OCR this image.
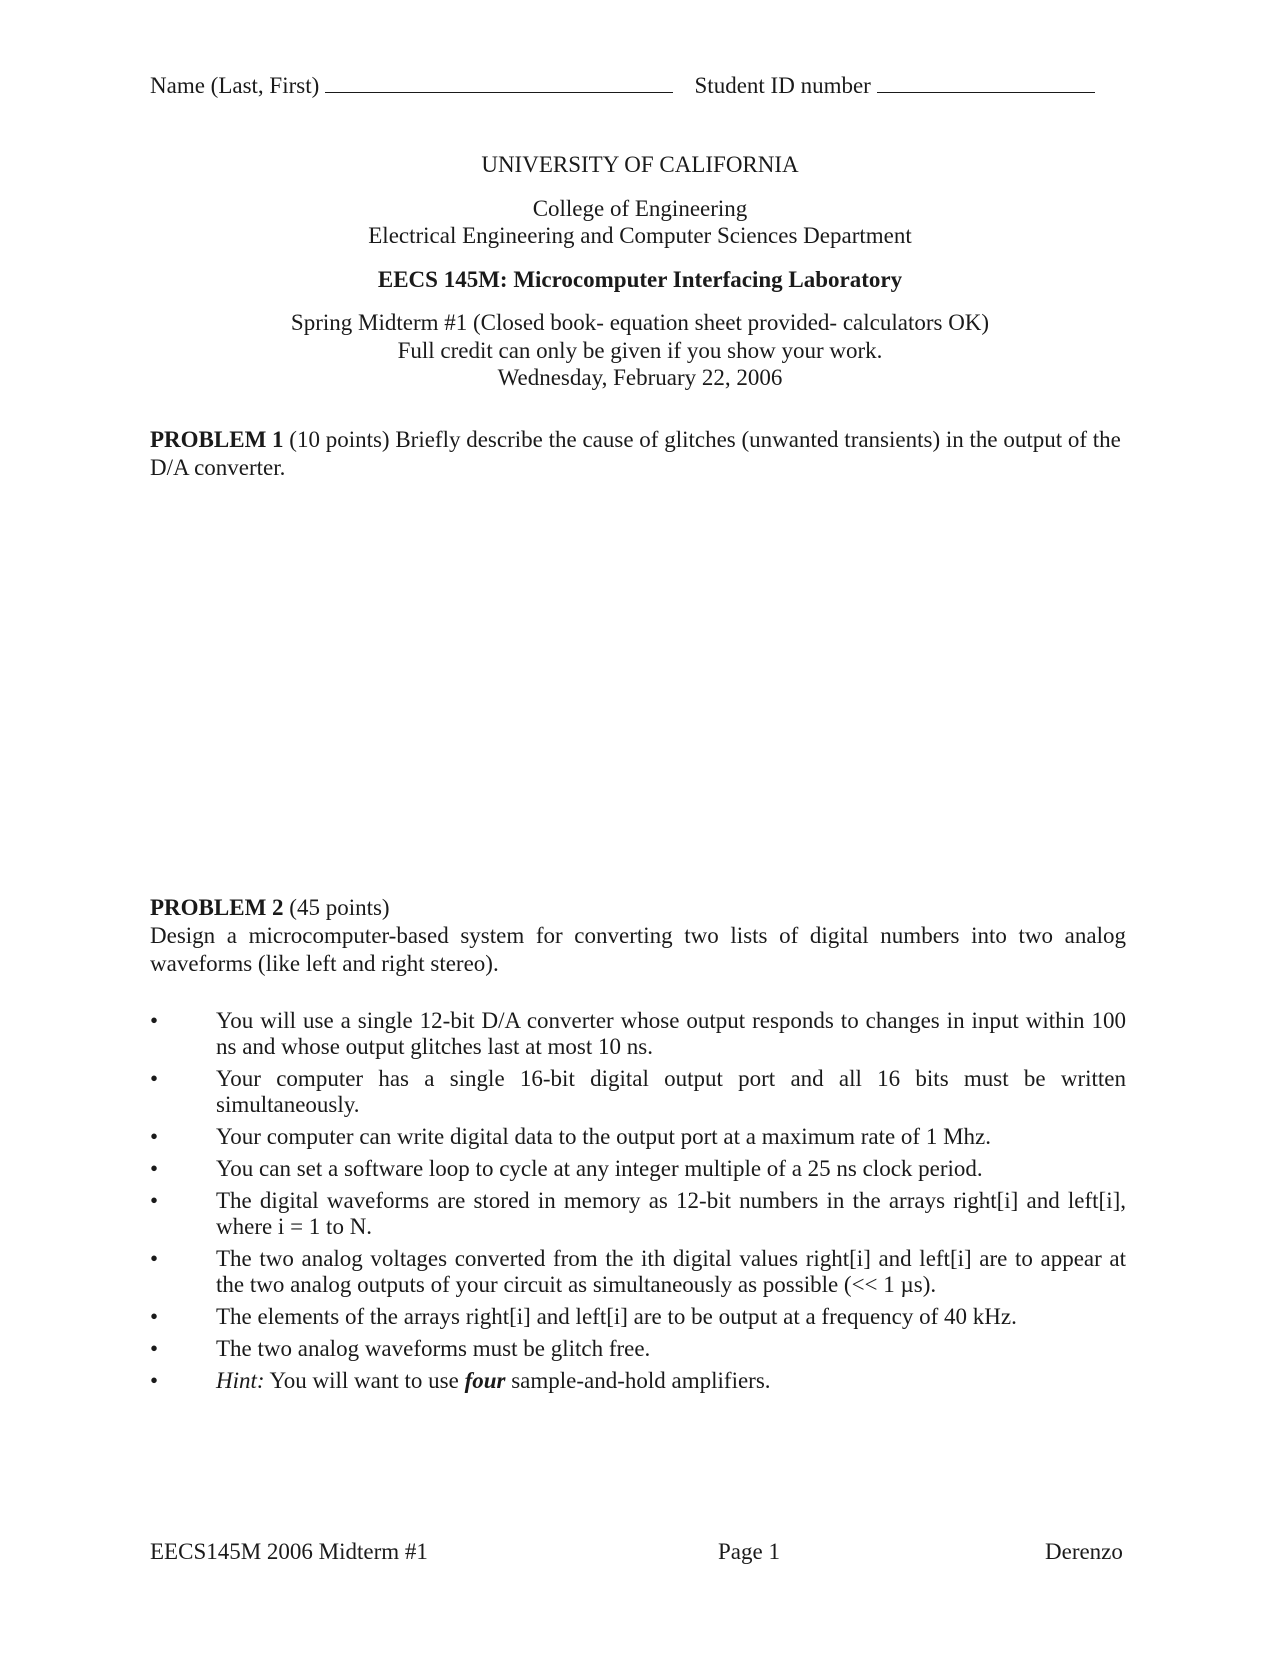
Name (Last, First)	Student ID number
UNIVERSITY OF CALIFORNIA
College of Engineering
Electrical Engineering and Computer Sciences Department
EECS 145M: Microcomputer Interfacing Laboratory
Spring Midterm #1 (Closed book- equation sheet provided- calculators OK)
Full credit can only be given if you show your work.
Wednesday, February 22, 2006
PROBLEM 1 (10 points) Briefly describe the cause of glitches (unwanted transients) in the output of the D/A converter.
PROBLEM 2 (45 points)
Design a microcomputer-based system for converting two lists of digital numbers into two analog waveforms (like left and right stereo).
•	You will use a single 12-bit D/A converter whose output responds to changes in input within 100 ns and whose output glitches last at most 10 ns.
•	Your computer has a single 16-bit digital output port and all 16 bits must be written simultaneously.
•	Your computer can write digital data to the output port at a maximum rate of 1 Mhz.
•	You can set a software loop to cycle at any integer multiple of a 25 ns clock period.
•	The digital waveforms are stored in memory as 12-bit numbers in the arrays right[i] and left[i], where i = 1 to N.
•	The two analog voltages converted from the ith digital values right[i] and left[i] are to appear at the two analog outputs of your circuit as simultaneously as possible (<< 1 µs).
•	The elements of the arrays right[i] and left[i] are to be output at a frequency of 40 kHz.
•	The two analog waveforms must be glitch free.
•	Hint: You will want to use four sample-and-hold amplifiers.
EECS145M 2006 Midterm #1	Page 1	Derenzo
